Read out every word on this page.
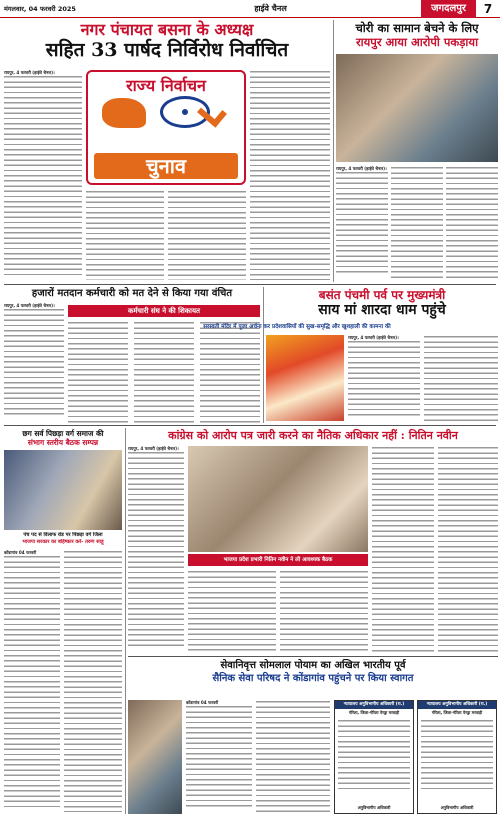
मंगलवार, 04 फरवरी 2025	हाईवे चैनल	जगदलपुर	7
नगर पंचायत बसना के अध्यक्ष
सहित 33 पार्षद निर्विरोध निर्वाचित
रायपुर, 4 फरवरी (हाईवे चैनल)।
राज्य निर्वाचन
चुनाव
चोरी का सामान बेचने के लिए
रायपुर आया आरोपी पकड़ाया
रायपुर, 4 फरवरी (हाईवे चैनल)।
हजारों मतदान कर्मचारी को मत देने से किया गया वंचित
रायपुर, 4 फरवरी (हाईवे चैनल)।
कर्मचारी संघ ने की शिकायत
बसंत पंचमी पर्व पर मुख्यमंत्री
साय मां शारदा धाम पहुंचे
सरस्वती मंदिर में पूजा अर्चना कर प्रदेशवासियों की सुख-समृद्धि और खुशहाली की कामना की
रायपुर, 4 फरवरी (हाईवे चैनल)।
छग सर्व पिछड़ा वर्ग समाज की
संभाग स्तरीय बैठक सम्पन्न
पंच पद से विलाफ रोड पर पिछड़ा वर्ग जिला
भाजपा सरकार का बहिष्कार करें- तरुण साहू
कोंडागांव 04 फरवरी
कांग्रेस को आरोप पत्र जारी करने का नैतिक अधिकार नहीं : नितिन नवीन
रायपुर, 4 फरवरी (हाईवे चैनल)।
भाजपा प्रदेश प्रभारी नितिन नवीन ने ली आवश्यक बैठक
सेवानिवृत्त सोमलाल पोयाम का अखिल भारतीय पूर्व
सैनिक सेवा परिषद ने कोंडागांव पहुंचने पर किया स्वागत
कोंडागांव 04 फरवरी	न्यायालय अनुविभागीय अधिकारी (रा.)
गौरेला, जिला-गौरेला पेण्ड्रा मरवाही
अनुविभागीय अधिकारी
न्यायालय अनुविभागीय अधिकारी (रा.)
गौरेला, जिला-गौरेला पेण्ड्रा मरवाही
अनुविभागीय अधिकारी
